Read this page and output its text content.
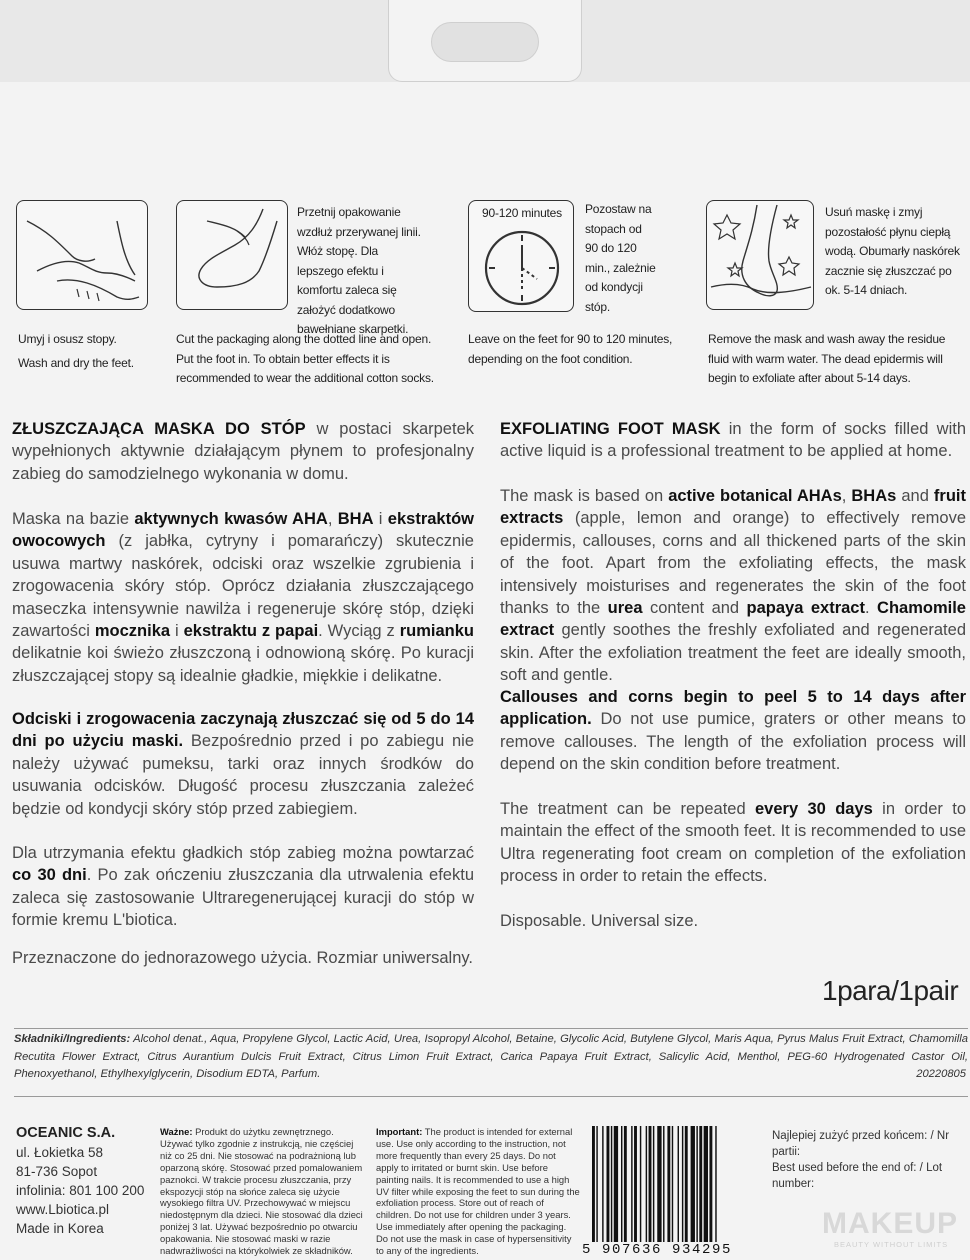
Umyj i osusz stopy.
Wash and dry the feet.
Przetnij opakowanie wzdłuż przerywanej linii. Włóż stopę. Dla lepszego efektu i komfortu zaleca się założyć dodatkowo bawełniane skarpetki.
Cut the packaging along the dotted line and open. Put the foot in. To obtain better effects it is recommended to wear the additional cotton socks.
90-120 minutes	Pozostaw na stopach od 90 do 120 min., zależnie od kondycji stóp.
Leave on the feet for 90 to 120 minutes, depending on the foot condition.
Usuń maskę i zmyj pozostałość płynu ciepłą wodą. Obumarły naskórek zacznie się złuszczać po ok. 5-14 dniach.
Remove the mask and wash away the residue fluid with warm water. The dead epidermis will begin to exfoliate after about 5-14 days.

ZŁUSZCZAJĄCA MASKA DO STÓP w postaci skarpetek wypełnionych aktywnie działającym płynem to profesjonalny zabieg do samodzielnego wykonania w domu.

Maska na bazie aktywnych kwasów AHA, BHA i ekstraktów owocowych (z jabłka, cytryny i pomarańczy) skutecznie usuwa martwy naskórek, odciski oraz wszelkie zgrubienia i zrogowacenia skóry stóp. Oprócz działania złuszczającego maseczka intensywnie nawilża i regeneruje skórę stóp, dzięki zawartości mocznika i ekstraktu z papai. Wyciąg z rumianku delikatnie koi świeżo złuszczoną i odnowioną skórę. Po kuracji złuszczającej stopy są idealnie gładkie, miękkie i delikatne.

Odciski i zrogowacenia zaczynają złuszczać się od 5 do 14 dni po użyciu maski. Bezpośrednio przed i po zabiegu nie należy używać pumeksu, tarki oraz innych środków do usuwania odcisków. Długość procesu złuszczania zależeć będzie od kondycji skóry stóp przed zabiegiem.

Dla utrzymania efektu gładkich stóp zabieg można powtarzać co 30 dni. Po zak ończeniu złuszczania dla utrwalenia efektu zaleca się zastosowanie Ultraregenerującej kuracji do stóp w formie kremu L'biotica.

Przeznaczone do jednorazowego użycia. Rozmiar uniwersalny.

EXFOLIATING FOOT MASK in the form of socks filled with active liquid is a professional treatment to be applied at home.

The mask is based on active botanical AHAs, BHAs and fruit extracts (apple, lemon and orange) to effectively remove epidermis, callouses, corns and all thickened parts of the skin of the foot. Apart from the exfoliating effects, the mask intensively moisturises and regenerates the skin of the foot thanks to the urea content and papaya extract. Chamomile extract gently soothes the freshly exfoliated and regenerated skin. After the exfoliation treatment the feet are ideally smooth, soft and gentle.

Callouses and corns begin to peel 5 to 14 days after application. Do not use pumice, graters or other means to remove callouses. The length of the exfoliation process will depend on the skin condition before treatment.

The treatment can be repeated every 30 days in order to maintain the effect of the smooth feet. It is recommended to use Ultra regenerating foot cream on completion of the exfoliation process in order to retain the effects.

Disposable. Universal size.

1para/1pair
Składniki/Ingredients: Alcohol denat., Aqua, Propylene Glycol, Lactic Acid, Urea, Isopropyl Alcohol, Betaine, Glycolic Acid, Butylene Glycol, Maris Aqua, Pyrus Malus Fruit Extract, Chamomilla Recutita Flower Extract, Citrus Aurantium Dulcis Fruit Extract, Citrus Limon Fruit Extract, Carica Papaya Fruit Extract, Salicylic Acid, Menthol, PEG-60 Hydrogenated Castor Oil, Phenoxyethanol, Ethylhexylglycerin, Disodium EDTA, Parfum.	20220805
OCEANIC S.A.
ul. Łokietka 58
81-736 Sopot
infolinia: 801 100 200
www.Lbiotica.pl
Made in Korea
Ważne: Produkt do użytku zewnętrznego. Używać tylko zgodnie z instrukcją, nie częściej niż co 25 dni. Nie stosować na podrażnioną lub oparzoną skórę. Stosować przed pomalowaniem paznokci. W trakcie procesu złuszczania, przy ekspozycji stóp na słońce zaleca się użycie wysokiego filtra UV. Przechowywać w miejscu niedostępnym dla dzieci. Nie stosować dla dzieci poniżej 3 lat. Używać bezpośrednio po otwarciu opakowania. Nie stosować maski w razie nadwrażliwości na którykolwiek ze składników.
Important: The product is intended for external use. Use only according to the instruction, not more frequently than every 25 days. Do not apply to irritated or burnt skin. Use before painting nails. It is recommended to use a high UV filter while exposing the feet to sun during the exfoliation process. Store out of reach of children. Do not use for children under 3 years. Use immediately after opening the packaging. Do not use the mask in case of hypersensitivity to any of the ingredients.	5 907636 934295
Najlepiej zużyć przed końcem: / Nr partii:
Best used before the end of: / Lot number:
MAKEUP
BEAUTY WITHOUT LIMITS
